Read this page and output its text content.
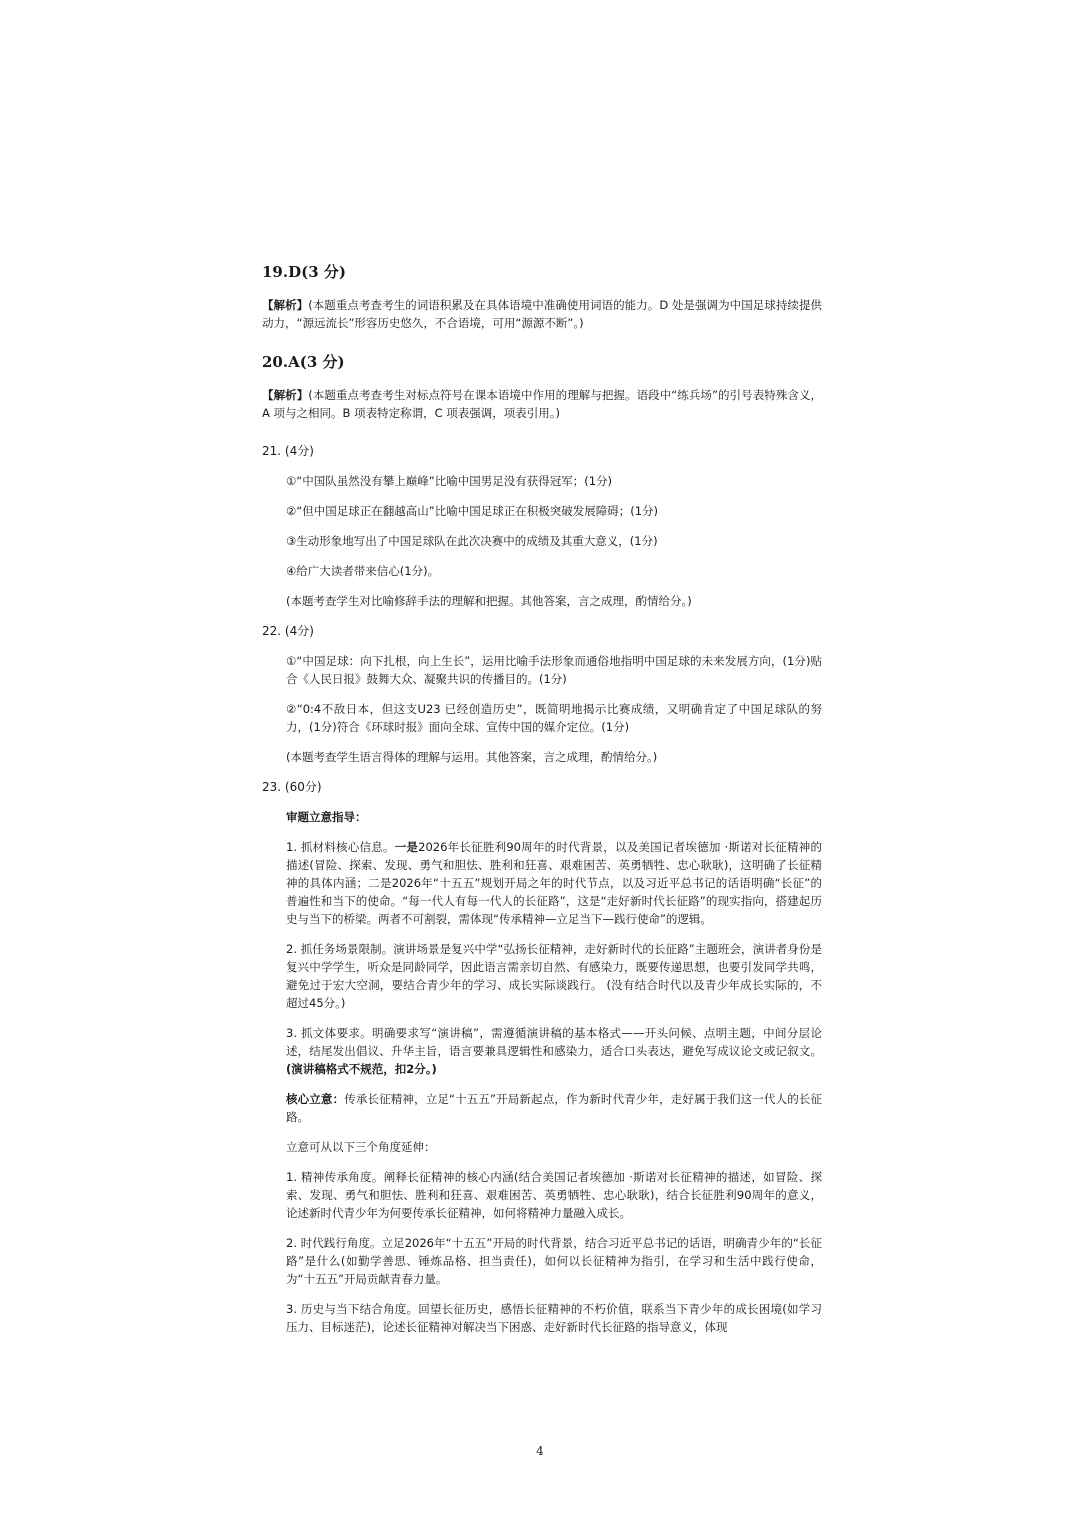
19.D(3 分)
【解析】(本题重点考查考生的词语积累及在具体语境中准确使用词语的能力。D 处是强调为中国足球持续提供动力，“源远流长”形容历史悠久，不合语境，可用“源源不断”。)
20.A(3 分)
【解析】(本题重点考查考生对标点符号在课本语境中作用的理解与把握。语段中“练兵场”的引号表特殊含义，A 项与之相同。B 项表特定称谓，C 项表强调，项表引用。)
21. (4分)
①“中国队虽然没有攀上巅峰”比喻中国男足没有获得冠军；(1分)
②“但中国足球正在翻越高山”比喻中国足球正在积极突破发展障碍；(1分)
③生动形象地写出了中国足球队在此次决赛中的成绩及其重大意义，(1分)
④给广大读者带来信心(1分)。
(本题考查学生对比喻修辞手法的理解和把握。其他答案，言之成理，酌情给分。)
22. (4分)
①“中国足球：向下扎根，向上生长”，运用比喻手法形象而通俗地指明中国足球的未来发展方向，(1分)贴合《人民日报》鼓舞大众、凝聚共识的传播目的。(1分)
②“0:4不敌日本，但这支U23 已经创造历史”，既简明地揭示比赛成绩，又明确肯定了中国足球队的努力，(1分)符合《环球时报》面向全球、宣传中国的媒介定位。(1分)
(本题考查学生语言得体的理解与运用。其他答案，言之成理，酌情给分。)
23. (60分)
审题立意指导：
1. 抓材料核心信息。一是2026年长征胜利90周年的时代背景，以及美国记者埃德加 ·斯诺对长征精神的描述(冒险、探索、发现、勇气和胆怯、胜利和狂喜、艰难困苦、英勇牺牲、忠心耿耿)，这明确了长征精神的具体内涵；二是2026年“十五五”规划开局之年的时代节点，以及习近平总书记的话语明确“长征”的普遍性和当下的使命。“每一代人有每一代人的长征路”，这是“走好新时代长征路”的现实指向，搭建起历史与当下的桥梁。两者不可割裂，需体现“传承精神—立足当下—践行使命”的逻辑。
2. 抓任务场景限制。演讲场景是复兴中学“弘扬长征精神，走好新时代的长征路”主题班会，演讲者身份是复兴中学学生，听众是同龄同学，因此语言需亲切自然、有感染力，既要传递思想，也要引发同学共鸣，避免过于宏大空洞，要结合青少年的学习、成长实际谈践行。 (没有结合时代以及青少年成长实际的，不超过45分。)
3. 抓文体要求。明确要求写“演讲稿”，需遵循演讲稿的基本格式——开头问候、点明主题，中间分层论述，结尾发出倡议、升华主旨，语言要兼具逻辑性和感染力，适合口头表达，避免写成议论文或记叙文。(演讲稿格式不规范，扣2分。)
核心立意：传承长征精神，立足“十五五”开局新起点，作为新时代青少年，走好属于我们这一代人的长征路。
立意可从以下三个角度延伸：
1. 精神传承角度。阐释长征精神的核心内涵(结合美国记者埃德加 ·斯诺对长征精神的描述，如冒险、探索、发现、勇气和胆怯、胜利和狂喜、艰难困苦、英勇牺牲、忠心耿耿)，结合长征胜利90周年的意义，论述新时代青少年为何要传承长征精神，如何将精神力量融入成长。
2. 时代践行角度。立足2026年“十五五”开局的时代背景，结合习近平总书记的话语，明确青少年的“长征路”是什么(如勤学善思、锤炼品格、担当责任)，如何以长征精神为指引，在学习和生活中践行使命，为“十五五”开局贡献青春力量。
3. 历史与当下结合角度。回望长征历史，感悟长征精神的不朽价值，联系当下青少年的成长困境(如学习压力、目标迷茫)，论述长征精神对解决当下困惑、走好新时代长征路的指导意义，体现
4
